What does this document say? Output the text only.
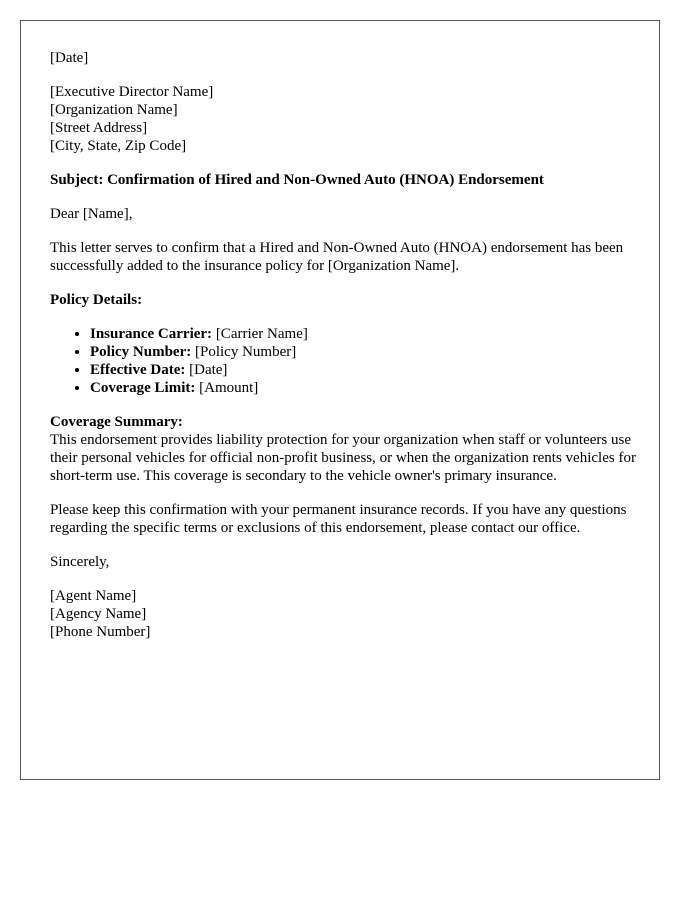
[Date]
[Executive Director Name]
[Organization Name]
[Street Address]
[City, State, Zip Code]
Subject: Confirmation of Hired and Non-Owned Auto (HNOA) Endorsement
Dear [Name],
This letter serves to confirm that a Hired and Non-Owned Auto (HNOA) endorsement has been successfully added to the insurance policy for [Organization Name].
Policy Details:
• Insurance Carrier: [Carrier Name]
• Policy Number: [Policy Number]
• Effective Date: [Date]
• Coverage Limit: [Amount]
Coverage Summary:
This endorsement provides liability protection for your organization when staff or volunteers use their personal vehicles for official non-profit business, or when the organization rents vehicles for short-term use. This coverage is secondary to the vehicle owner's primary insurance.
Please keep this confirmation with your permanent insurance records. If you have any questions regarding the specific terms or exclusions of this endorsement, please contact our office.
Sincerely,
[Agent Name]
[Agency Name]
[Phone Number]
